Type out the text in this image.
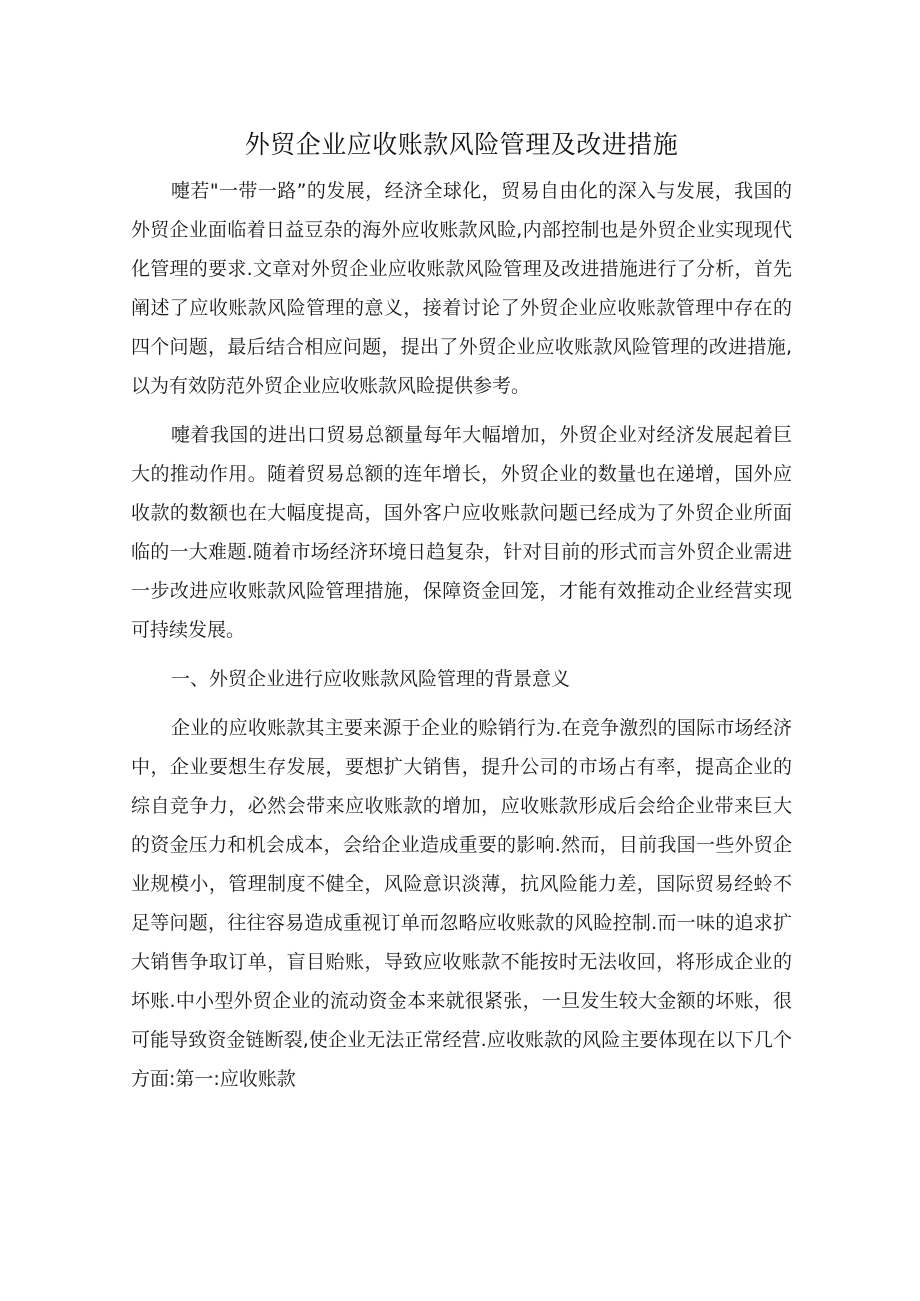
外贸企业应收账款风险管理及改进措施

嚏若"一带一路”的发展，经济全球化，贸易自由化的深入与发展，我国的外贸企业面临着日益豆杂的海外应收账款风睑,内部控制也是外贸企业实现现代化管理的要求.文章对外贸企业应收账款风险管理及改进措施进行了分析，首先阐述了应收账款风险管理的意义，接着讨论了外贸企业应收账款管理中存在的四个问题，最后结合相应问题，提出了外贸企业应收账款风险管理的改进措施,以为有效防范外贸企业应收账款风睑提供参考。

嚏着我国的进出口贸易总额量每年大幅增加，外贸企业对经济发展起着巨大的推动作用。随着贸易总额的连年增长，外贸企业的数量也在递增，国外应收款的数额也在大幅度提高，国外客户应收账款问题已经成为了外贸企业所面临的一大难题.随着市场经济环境日趋复杂，针对目前的形式而言外贸企业需进一步改进应收账款风险管理措施，保障资金回笼，才能有效推动企业经营实现可持续发展。

一、外贸企业进行应收账款风险管理的背景意义

企业的应收账款其主要来源于企业的赊销行为.在竞争激烈的国际市场经济中，企业要想生存发展，要想扩大销售，提升公司的市场占有率，提高企业的综自竞争力，必然会带来应收账款的增加，应收账款形成后会给企业带来巨大的资金压力和机会成本，会给企业造成重要的影响.然而，目前我国一些外贸企业规模小，管理制度不健全，风险意识淡薄，抗风险能力差，国际贸易经蛉不足等问题，往往容易造成重视订单而忽略应收账款的风睑控制.而一味的追求扩大销售争取订单，盲目贻账，导致应收账款不能按时无法收回，将形成企业的坏账.中小型外贸企业的流动资金本来就很紧张，一旦发生较大金额的坏账，很可能导致资金链断裂,使企业无法正常经营.应收账款的风险主要体现在以下几个方面:第一:应收账款
